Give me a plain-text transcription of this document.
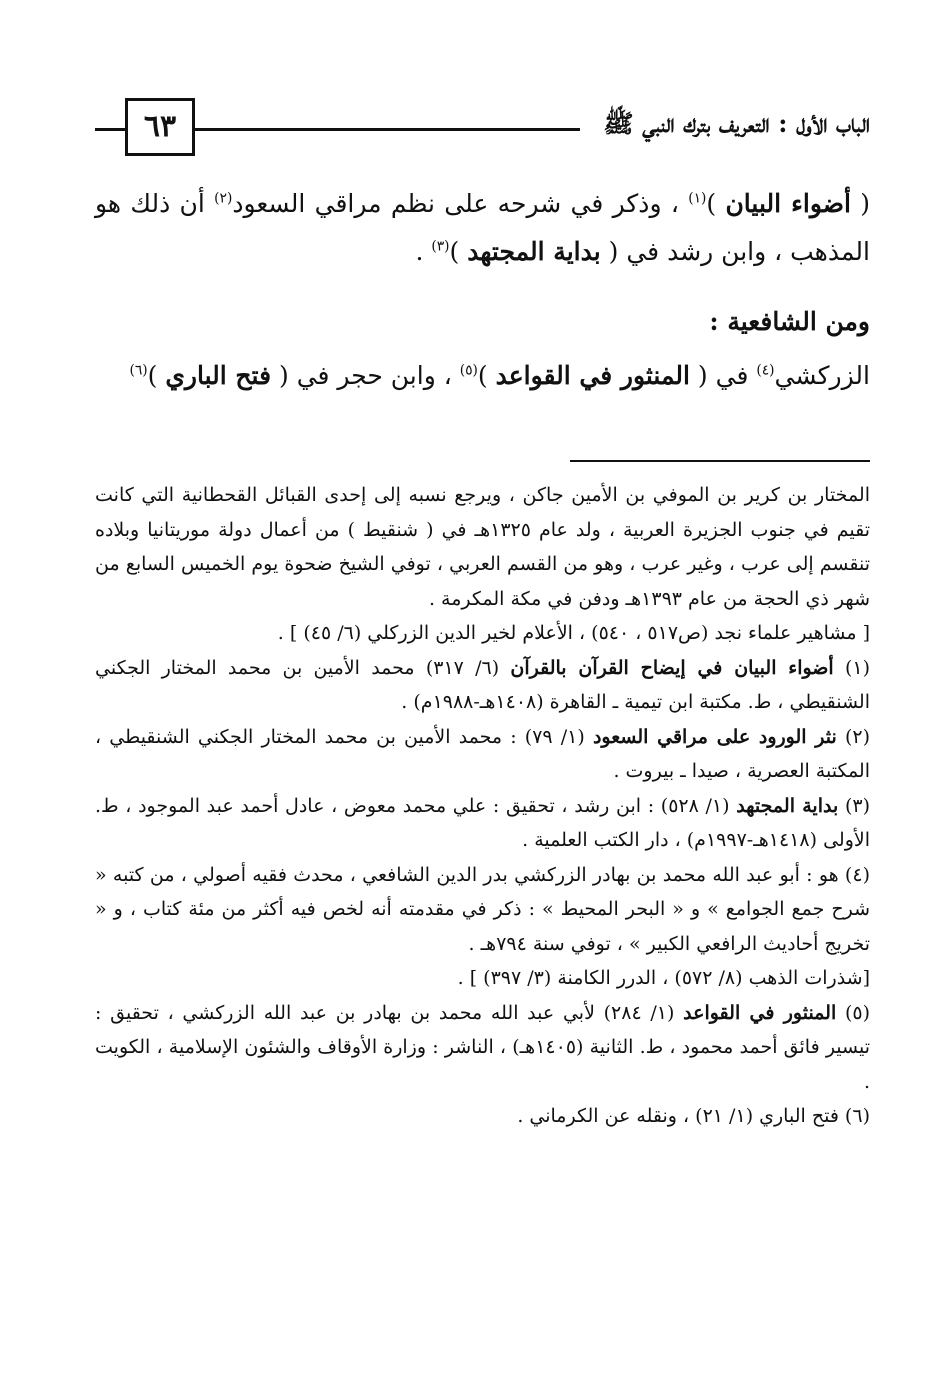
٦٣	الباب الأول : التعريف بترك النبي ﷺ

( أضواء البيان )$^{(١)}$ ، وذكر في شرحه على نظم مراقي السعود$^{(٢)}$ أن ذلك هو المذهب ، وابن رشد في ( بداية المجتهد )$^{(٣)}$ .

ومن الشافعية :

الزركشي$^{(٤)}$ في ( المنثور في القواعد )$^{(٥)}$ ، وابن حجر في ( فتح الباري )$^{(٦)}$

المختار بن كرير بن الموفي بن الأمين جاكن ، ويرجع نسبه إلى إحدى القبائل القحطانية التي كانت تقيم في جنوب الجزيرة العربية ، ولد عام ١٣٢٥هـ في ( شنقيط ) من أعمال دولة موريتانيا وبلاده تنقسم إلى عرب ، وغير عرب ، وهو من القسم العربي ، توفي الشيخ ضحوة يوم الخميس السابع من شهر ذي الحجة من عام ١٣٩٣هـ ودفن في مكة المكرمة .

[ مشاهير علماء نجد (ص٥١٧ ، ٥٤٠) ، الأعلام لخير الدين الزركلي (٦/ ٤٥) ] .

(١) أضواء البيان في إيضاح القرآن بالقرآن (٦/ ٣١٧) محمد الأمين بن محمد المختار الجكني الشنقيطي ، ط. مكتبة ابن تيمية ـ القاهرة (١٤٠٨هـ-١٩٨٨م) .

(٢) نثر الورود على مراقي السعود (١/ ٧٩) : محمد الأمين بن محمد المختار الجكني الشنقيطي ، المكتبة العصرية ، صيدا ـ بيروت .

(٣) بداية المجتهد (١/ ٥٢٨) : ابن رشد ، تحقيق : علي محمد معوض ، عادل أحمد عبد الموجود ، ط. الأولى (١٤١٨هـ-١٩٩٧م) ، دار الكتب العلمية .

(٤) هو : أبو عبد الله محمد بن بهادر الزركشي بدر الدين الشافعي ، محدث فقيه أصولي ، من كتبه « شرح جمع الجوامع » و « البحر المحيط » : ذكر في مقدمته أنه لخص فيه أكثر من مئة كتاب ، و « تخريج أحاديث الرافعي الكبير » ، توفي سنة ٧٩٤هـ .

[شذرات الذهب (٨/ ٥٧٢) ، الدرر الكامنة (٣/ ٣٩٧) ] .

(٥) المنثور في القواعد (١/ ٢٨٤) لأبي عبد الله محمد بن بهادر بن عبد الله الزركشي ، تحقيق : تيسير فائق أحمد محمود ، ط. الثانية (١٤٠٥هـ) ، الناشر : وزارة الأوقاف والشئون الإسلامية ، الكويت .

(٦) فتح الباري (١/ ٢١) ، ونقله عن الكرماني .
